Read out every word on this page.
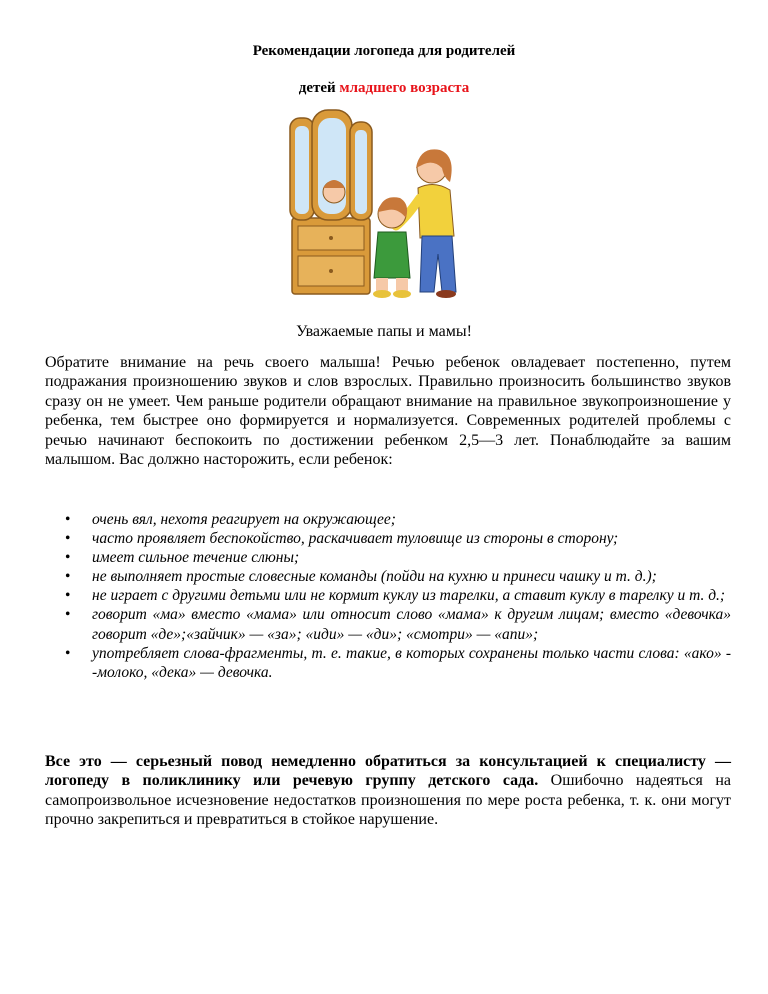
Рекомендации логопеда для родителей
детей младшего возраста
Уважаемые папы и мамы!
Обратите внимание на речь своего малыша! Речью ребенок овладевает постепенно, путем подражания произношению звуков и слов взрослых. Правильно произносить большинство звуков сразу он не умеет. Чем раньше родители обращают внимание на правильное звукопроизношение у ребенка, тем быстрее оно формируется и нормализуется. Современных родителей проблемы с речью начинают беспокоить по достижении ребенком 2,5—3 лет. Понаблюдайте за вашим малышом. Вас должно насторожить, если ребенок:
• очень вял, нехотя реагирует на окружающее;
• часто проявляет беспокойство, раскачивает туловище из стороны в сторону;
• имеет сильное течение слюны;
• не выполняет простые словесные команды (пойди на кухню и принеси чашку и т. д.);
• не играет с другими детьми или не кормит куклу из тарелки, а ставит куклу в тарелку и т. д.;
• говорит «ма» вместо «мама» или относит слово «мама» к другим лицам; вместо «девочка» говорит «де»;«зайчик» — «за»; «иди» — «ди»; «смотри» — «апи»;
• употребляет слова-фрагменты, т. е. такие, в которых сохранены только части слова: «ако» --молоко, «дека» — девочка.
Все это — серьезный повод немедленно обратиться за консультацией к специалисту — логопеду в поликлинику или речевую группу детского сада. Ошибочно надеяться на самопроизвольное исчезновение недостатков произношения по мере роста ребенка, т. к. они могут прочно закрепиться и превратиться в стойкое нарушение.
